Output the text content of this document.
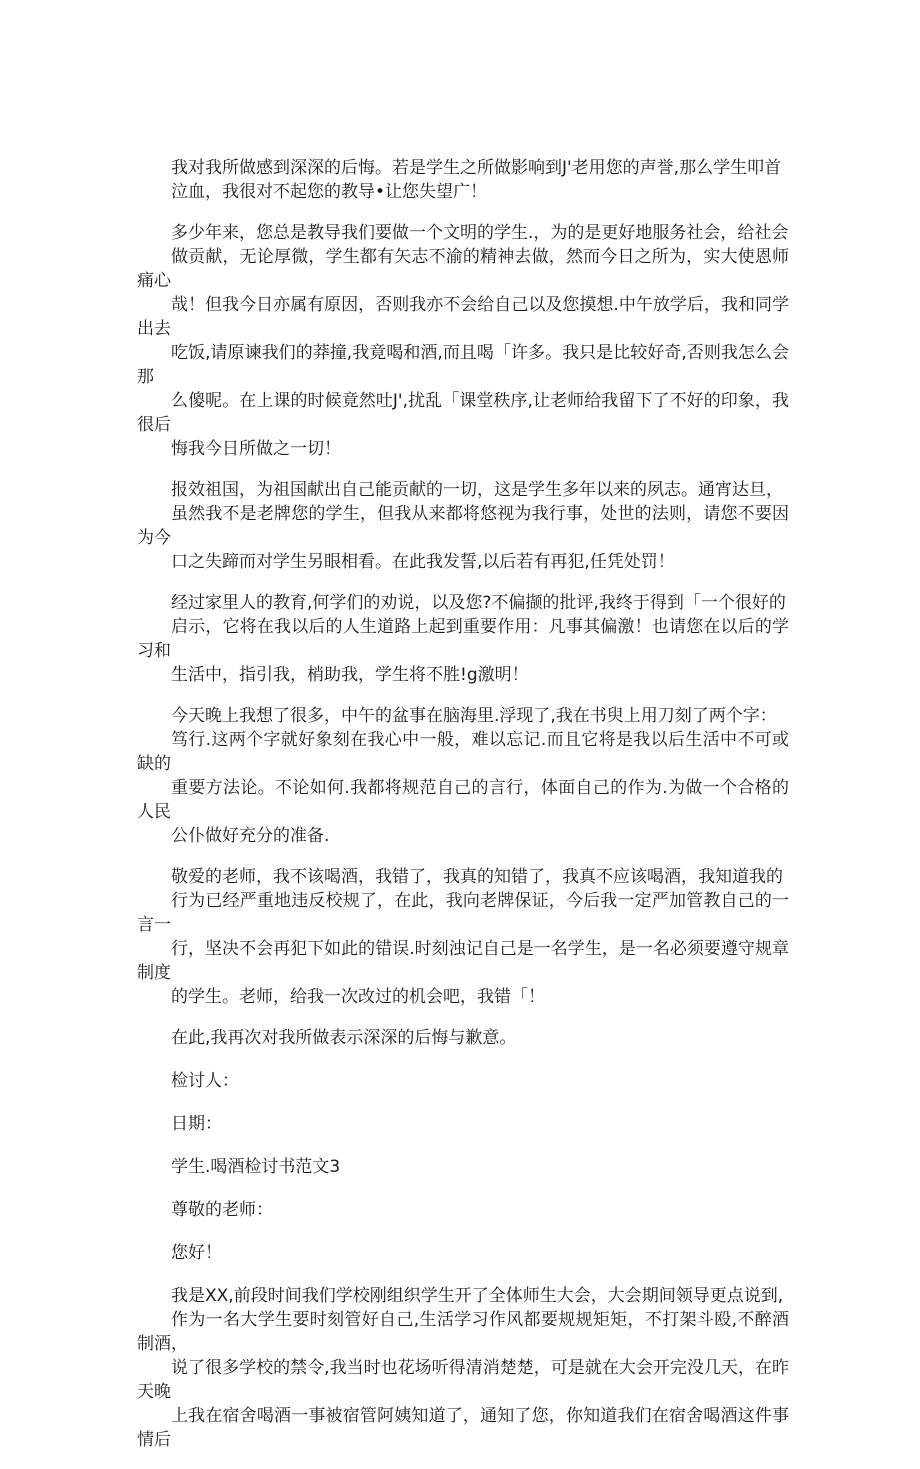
我对我所做感到深深的后悔。若是学生之所做影响到J'老用您的声誉,那么学生叩首
泣血，我很对不起您的教导•让您失望广！

多少年来，您总是教导我们要做一个文明的学生.，为的是更好地服务社会，给社会
做贡献，无论厚微，学生都有矢志不渝的精神去做，然而今日之所为，实大使恩师痛心
哉！但我今日亦属有原因，否则我亦不会给自己以及您摸想.中午放学后，我和同学出去
吃饭,请原谏我们的莽撞,我竟喝和酒,而且喝「许多。我只是比较好奇,否则我怎么会那
么傻呢。在上课的时候竟然吐J',扰乱「课堂秩序,让老师给我留下了不好的印象，我很后
悔我今日所做之一切！

报效祖国，为祖国献出自己能贡献的一切，这是学生多年以来的夙志。通宵达旦，
虽然我不是老牌您的学生，但我从来都将悠视为我行事，处世的法则，请您不要因为今
口之失蹄而对学生另眼相看。在此我发誓,以后若有再犯,任凭处罚！

经过家里人的教育,何学们的劝说，以及您?不偏撷的批评,我终于得到「一个很好的
启示，它将在我以后的人生道路上起到重要作用：凡事其偏激！也请您在以后的学习和
生活中，指引我，梢助我，学生将不胜!g激明！

今天晚上我想了很多，中午的盆事在脑海里.浮现了,我在书臾上用刀刻了两个字：
笃行.这两个字就好象刻在我心中一般，难以忘记.而且它将是我以后生活中不可或缺的
重要方法论。不论如何.我都将规范自己的言行，体面自己的作为.为做一个合格的人民
公仆做好充分的准备.

敬爱的老师，我不该喝酒，我错了，我真的知错了，我真不应该喝酒，我知道我的
行为已经严重地违反校规了，在此，我向老牌保证，今后我一定严加管教自己的一言一
行，坚决不会再犯下如此的错误.时刻浊记自己是一名学生，是一名必须要遵守规章制度
的学生。老师，给我一次改过的机会吧，我错「！

在此,我再次对我所做表示深深的后悔与歉意。

检讨人：

日期：

学生.喝酒检讨书范文3

尊敬的老师：

您好！

我是XX,前段时间我们学校刚组织学生开了全体师生大会，大会期间领导更点说到,
作为一名大学生要时刻管好自己,生活学习作风都要规规矩矩，不打架斗殴,不醉酒制酒，
说了很多学校的禁令,我当时也花场听得清消楚楚，可是就在大会开完没几天，在昨天晚
上我在宿舍喝酒一事被宿管阿姨知道了，通知了您，你知道我们在宿舍喝酒这件事情后
